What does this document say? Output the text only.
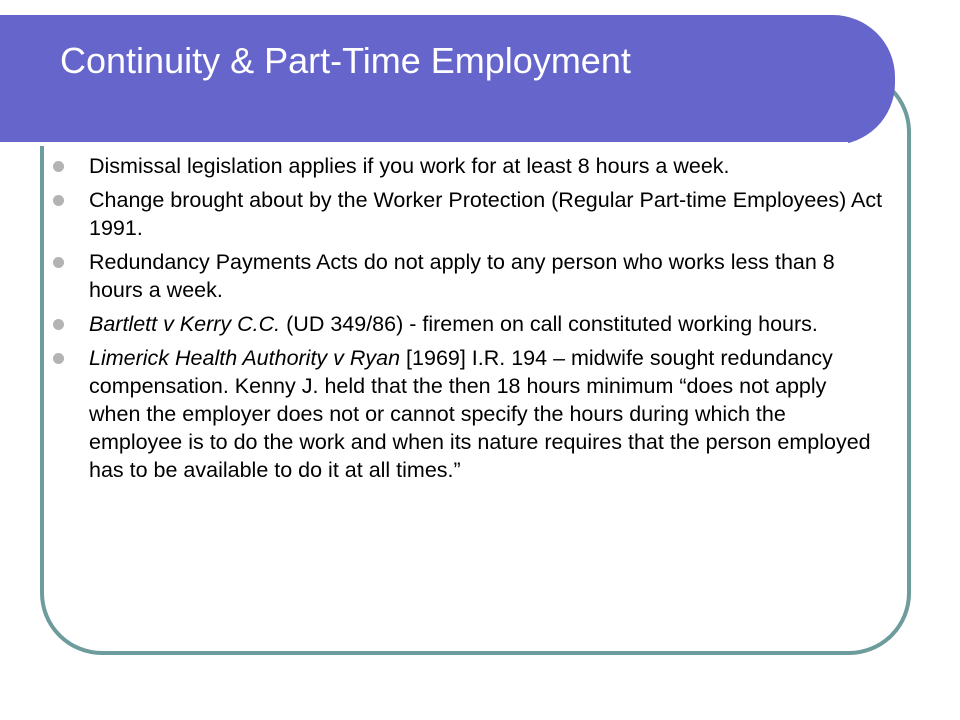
Continuity & Part-Time Employment
Dismissal legislation applies if you work for at least 8 hours a week.
Change brought about by the Worker Protection (Regular Part-time Employees) Act 1991.
Redundancy Payments Acts do not apply to any person who works less than 8 hours a week.
Bartlett v Kerry C.C. (UD 349/86) - firemen on call constituted working hours.
Limerick Health Authority v Ryan [1969] I.R. 194 – midwife sought redundancy compensation. Kenny J. held that the then 18 hours minimum “does not apply when the employer does not or cannot specify the hours during which the employee is to do the work and when its nature requires that the person employed has to be available to do it at all times.”
